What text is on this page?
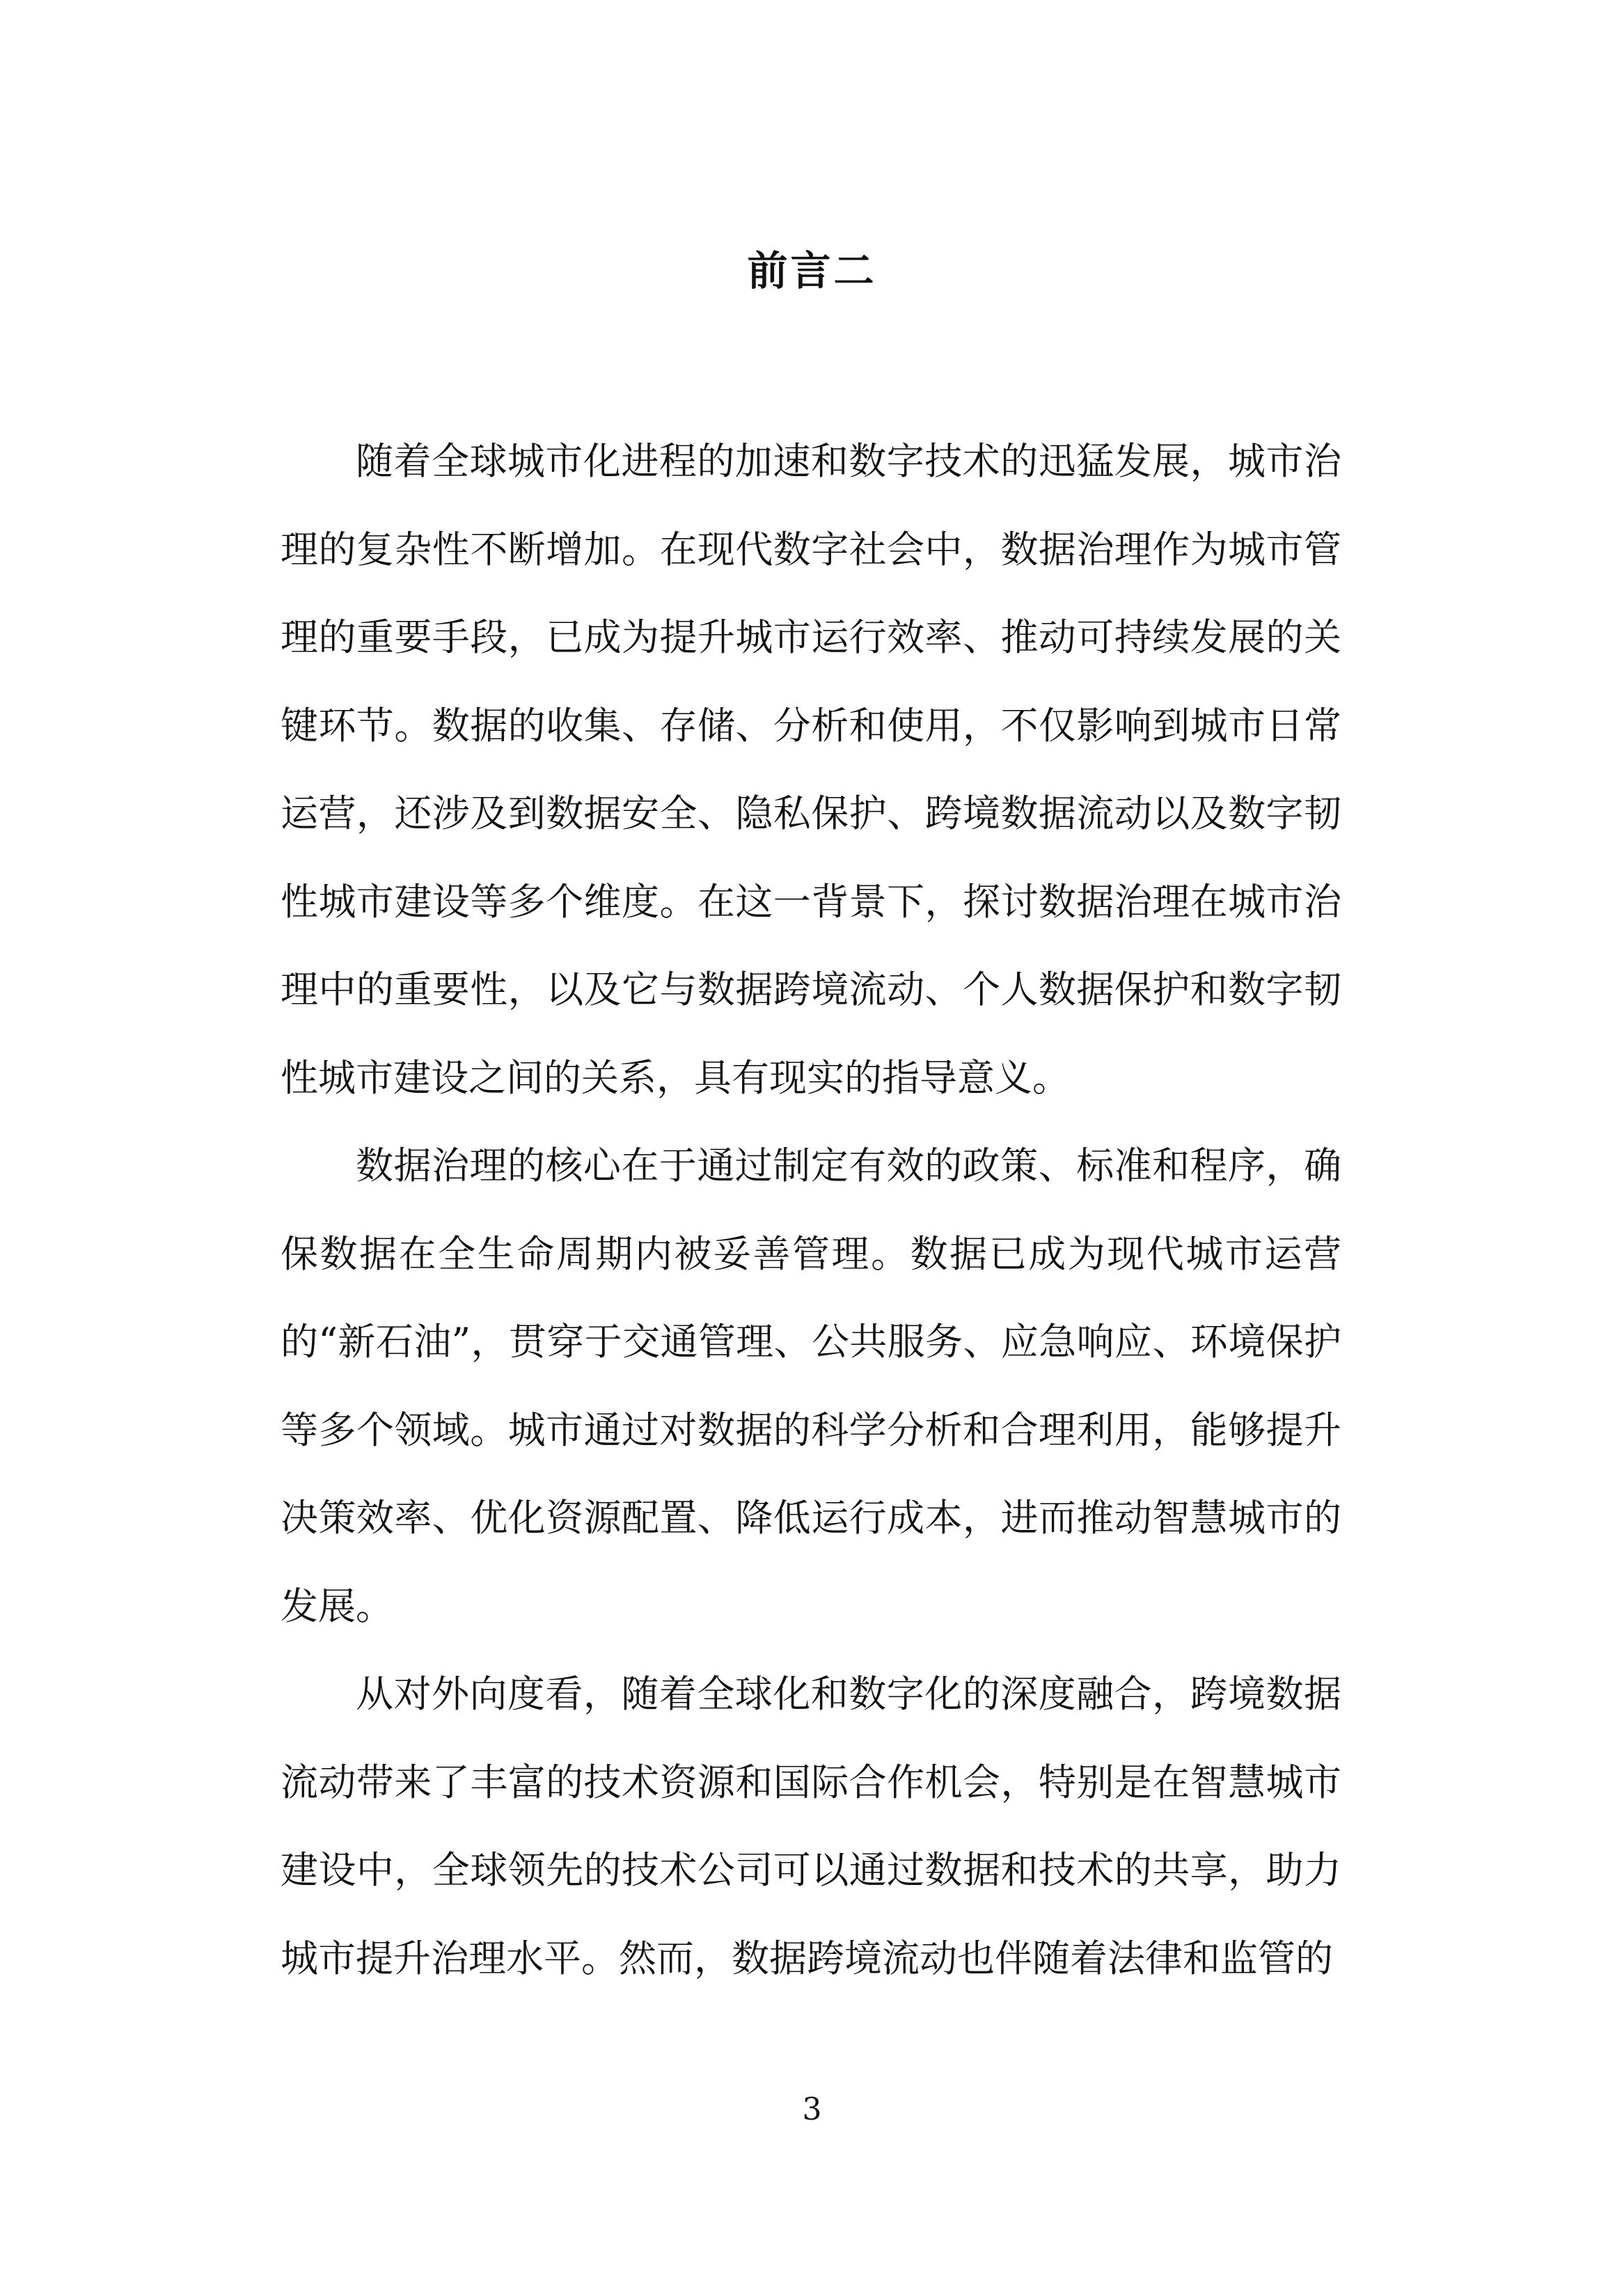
前言二

随着全球城市化进程的加速和数字技术的迅猛发展，城市治理的复杂性不断增加。在现代数字社会中，数据治理作为城市管理的重要手段，已成为提升城市运行效率、推动可持续发展的关键环节。数据的收集、存储、分析和使用，不仅影响到城市日常运营，还涉及到数据安全、隐私保护、跨境数据流动以及数字韧性城市建设等多个维度。在这一背景下，探讨数据治理在城市治理中的重要性，以及它与数据跨境流动、个人数据保护和数字韧性城市建设之间的关系，具有现实的指导意义。

数据治理的核心在于通过制定有效的政策、标准和程序，确保数据在全生命周期内被妥善管理。数据已成为现代城市运营的“新石油”，贯穿于交通管理、公共服务、应急响应、环境保护等多个领域。城市通过对数据的科学分析和合理利用，能够提升决策效率、优化资源配置、降低运行成本，进而推动智慧城市的发展。

从对外向度看，随着全球化和数字化的深度融合，跨境数据流动带来了丰富的技术资源和国际合作机会，特别是在智慧城市建设中，全球领先的技术公司可以通过数据和技术的共享，助力城市提升治理水平。然而，数据跨境流动也伴随着法律和监管的

3
